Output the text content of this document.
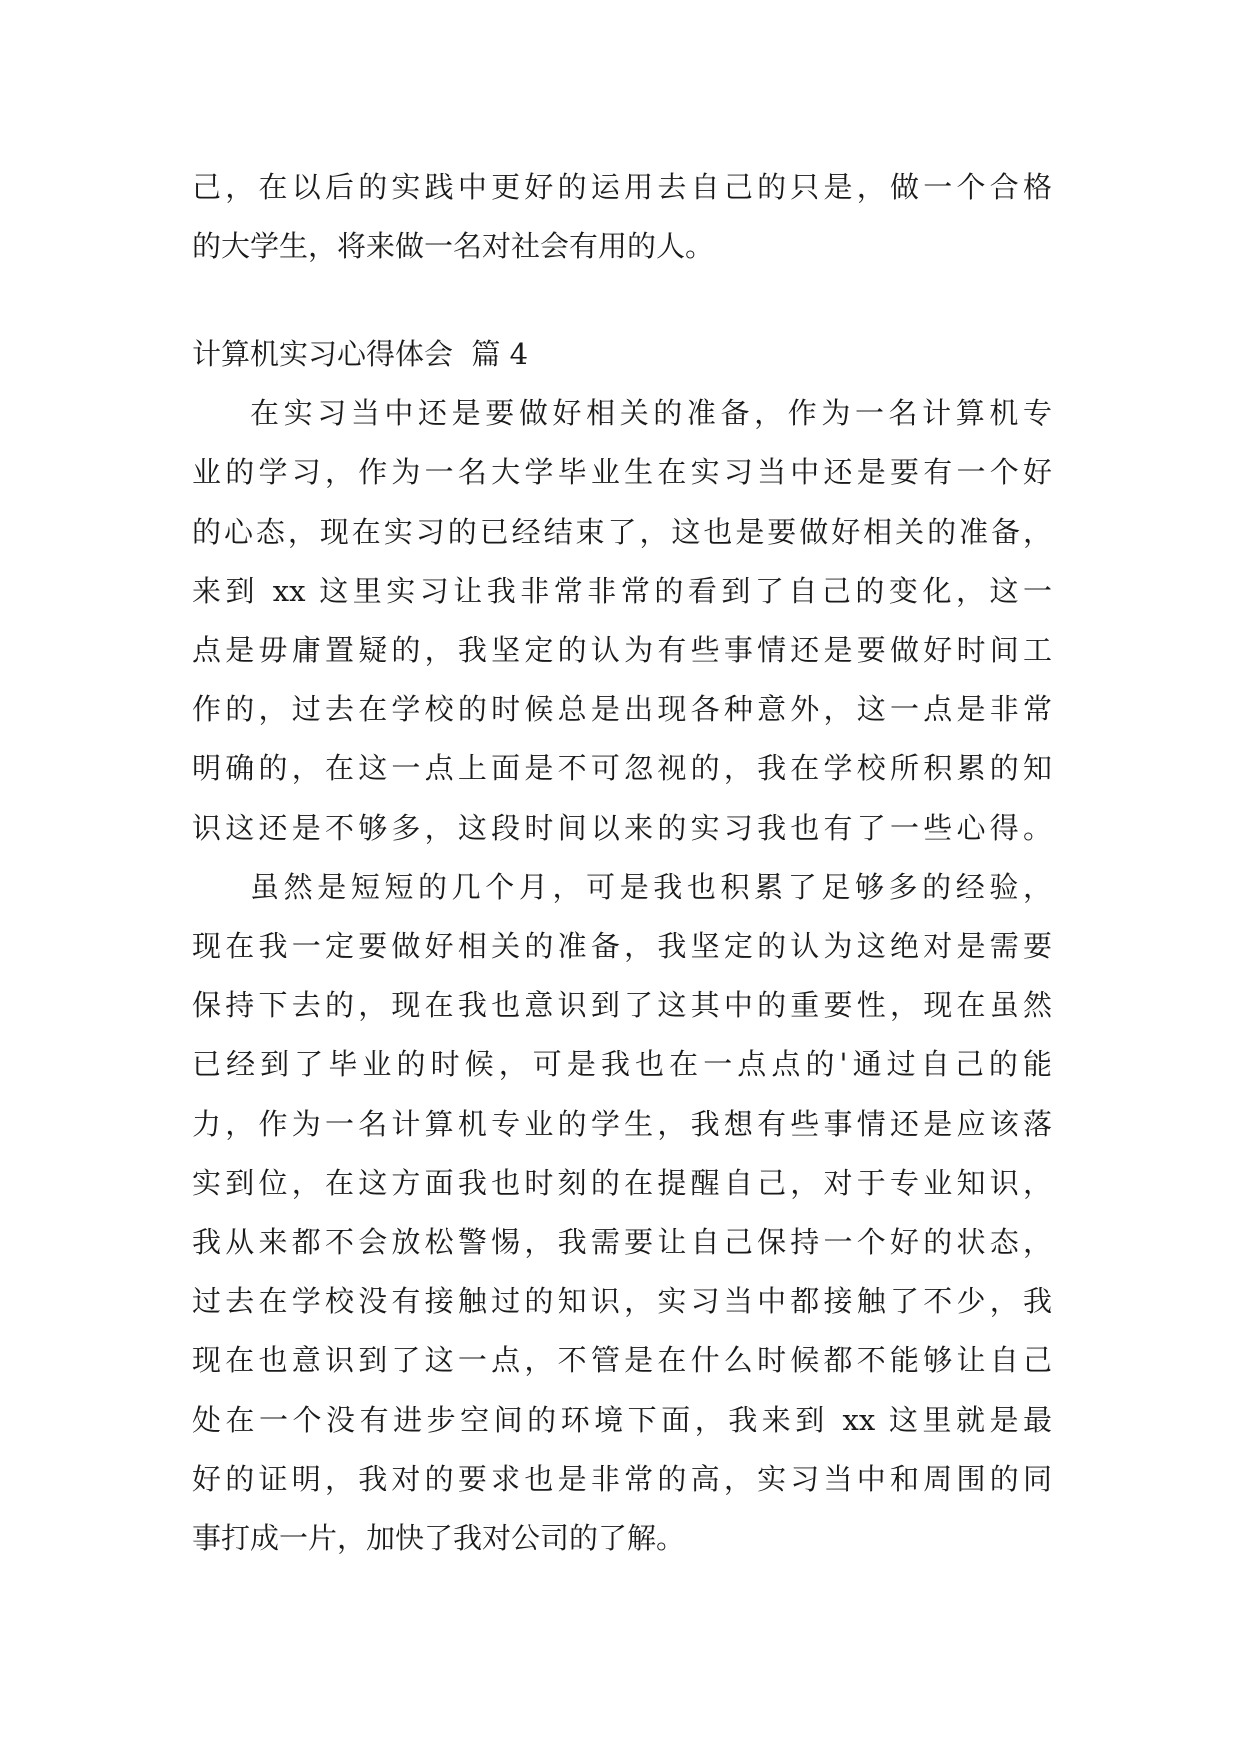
己，在以后的实践中更好的运用去自己的只是，做一个合格
的大学生，将来做一名对社会有用的人。

计算机实习心得体会  篇 4

在实习当中还是要做好相关的准备，作为一名计算机专
业的学习，作为一名大学毕业生在实习当中还是要有一个好
的心态，现在实习的已经结束了，这也是要做好相关的准备，
来到 xx 这里实习让我非常非常的看到了自己的变化，这一
点是毋庸置疑的，我坚定的认为有些事情还是要做好时间工
作的，过去在学校的时候总是出现各种意外，这一点是非常
明确的，在这一点上面是不可忽视的，我在学校所积累的知
识这还是不够多，这段时间以来的实习我也有了一些心得。

虽然是短短的几个月，可是我也积累了足够多的经验，
现在我一定要做好相关的准备，我坚定的认为这绝对是需要
保持下去的，现在我也意识到了这其中的重要性，现在虽然
已经到了毕业的时候，可是我也在一点点的'通过自己的能
力，作为一名计算机专业的学生，我想有些事情还是应该落
实到位，在这方面我也时刻的在提醒自己，对于专业知识，
我从来都不会放松警惕，我需要让自己保持一个好的状态，
过去在学校没有接触过的知识，实习当中都接触了不少，我
现在也意识到了这一点，不管是在什么时候都不能够让自己
处在一个没有进步空间的环境下面，我来到 xx 这里就是最
好的证明，我对的要求也是非常的高，实习当中和周围的同
事打成一片，加快了我对公司的了解。
